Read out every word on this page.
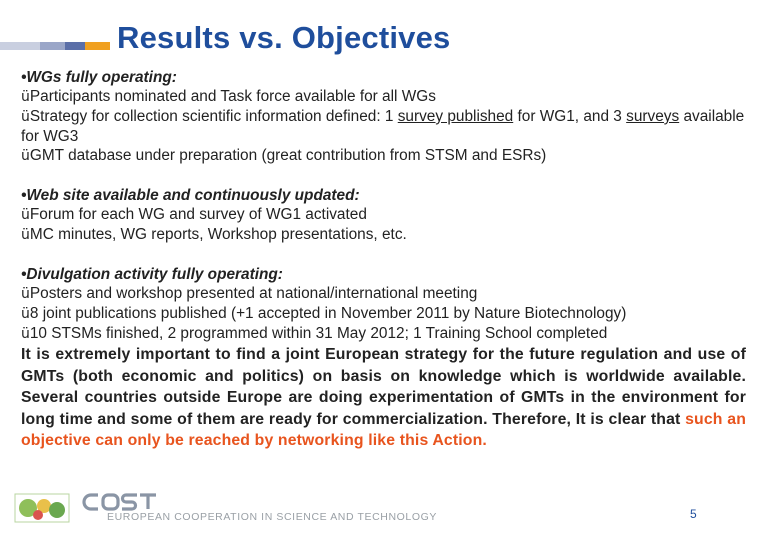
Results vs. Objectives
•WGs fully operating:
üParticipants nominated and Task force available for all WGs
üStrategy for collection scientific information defined: 1 survey published for WG1, and 3 surveys available for WG3
üGMT database under preparation (great contribution from STSM and ESRs)
•Web site available and continuously updated:
üForum for each WG and survey of WG1 activated
üMC minutes, WG reports, Workshop presentations, etc.
•Divulgation activity fully operating:
üPosters and workshop presented at national/international meeting
ü8 joint publications published (+1 accepted in November 2011 by Nature Biotechnology)
ü10 STSMs finished, 2 programmed within 31 May 2012; 1 Training School completed
It is extremely important to find a joint European strategy for the future regulation and use of GMTs (both economic and politics) on basis on knowledge which is worldwide available. Several countries outside Europe are doing experimentation of GMTs in the environment for long time and some of them are ready for commercialization. Therefore, It is clear that such an objective can only be reached by networking like this Action.
EUROPEAN COOPERATION IN SCIENCE AND TECHNOLOGY	5
